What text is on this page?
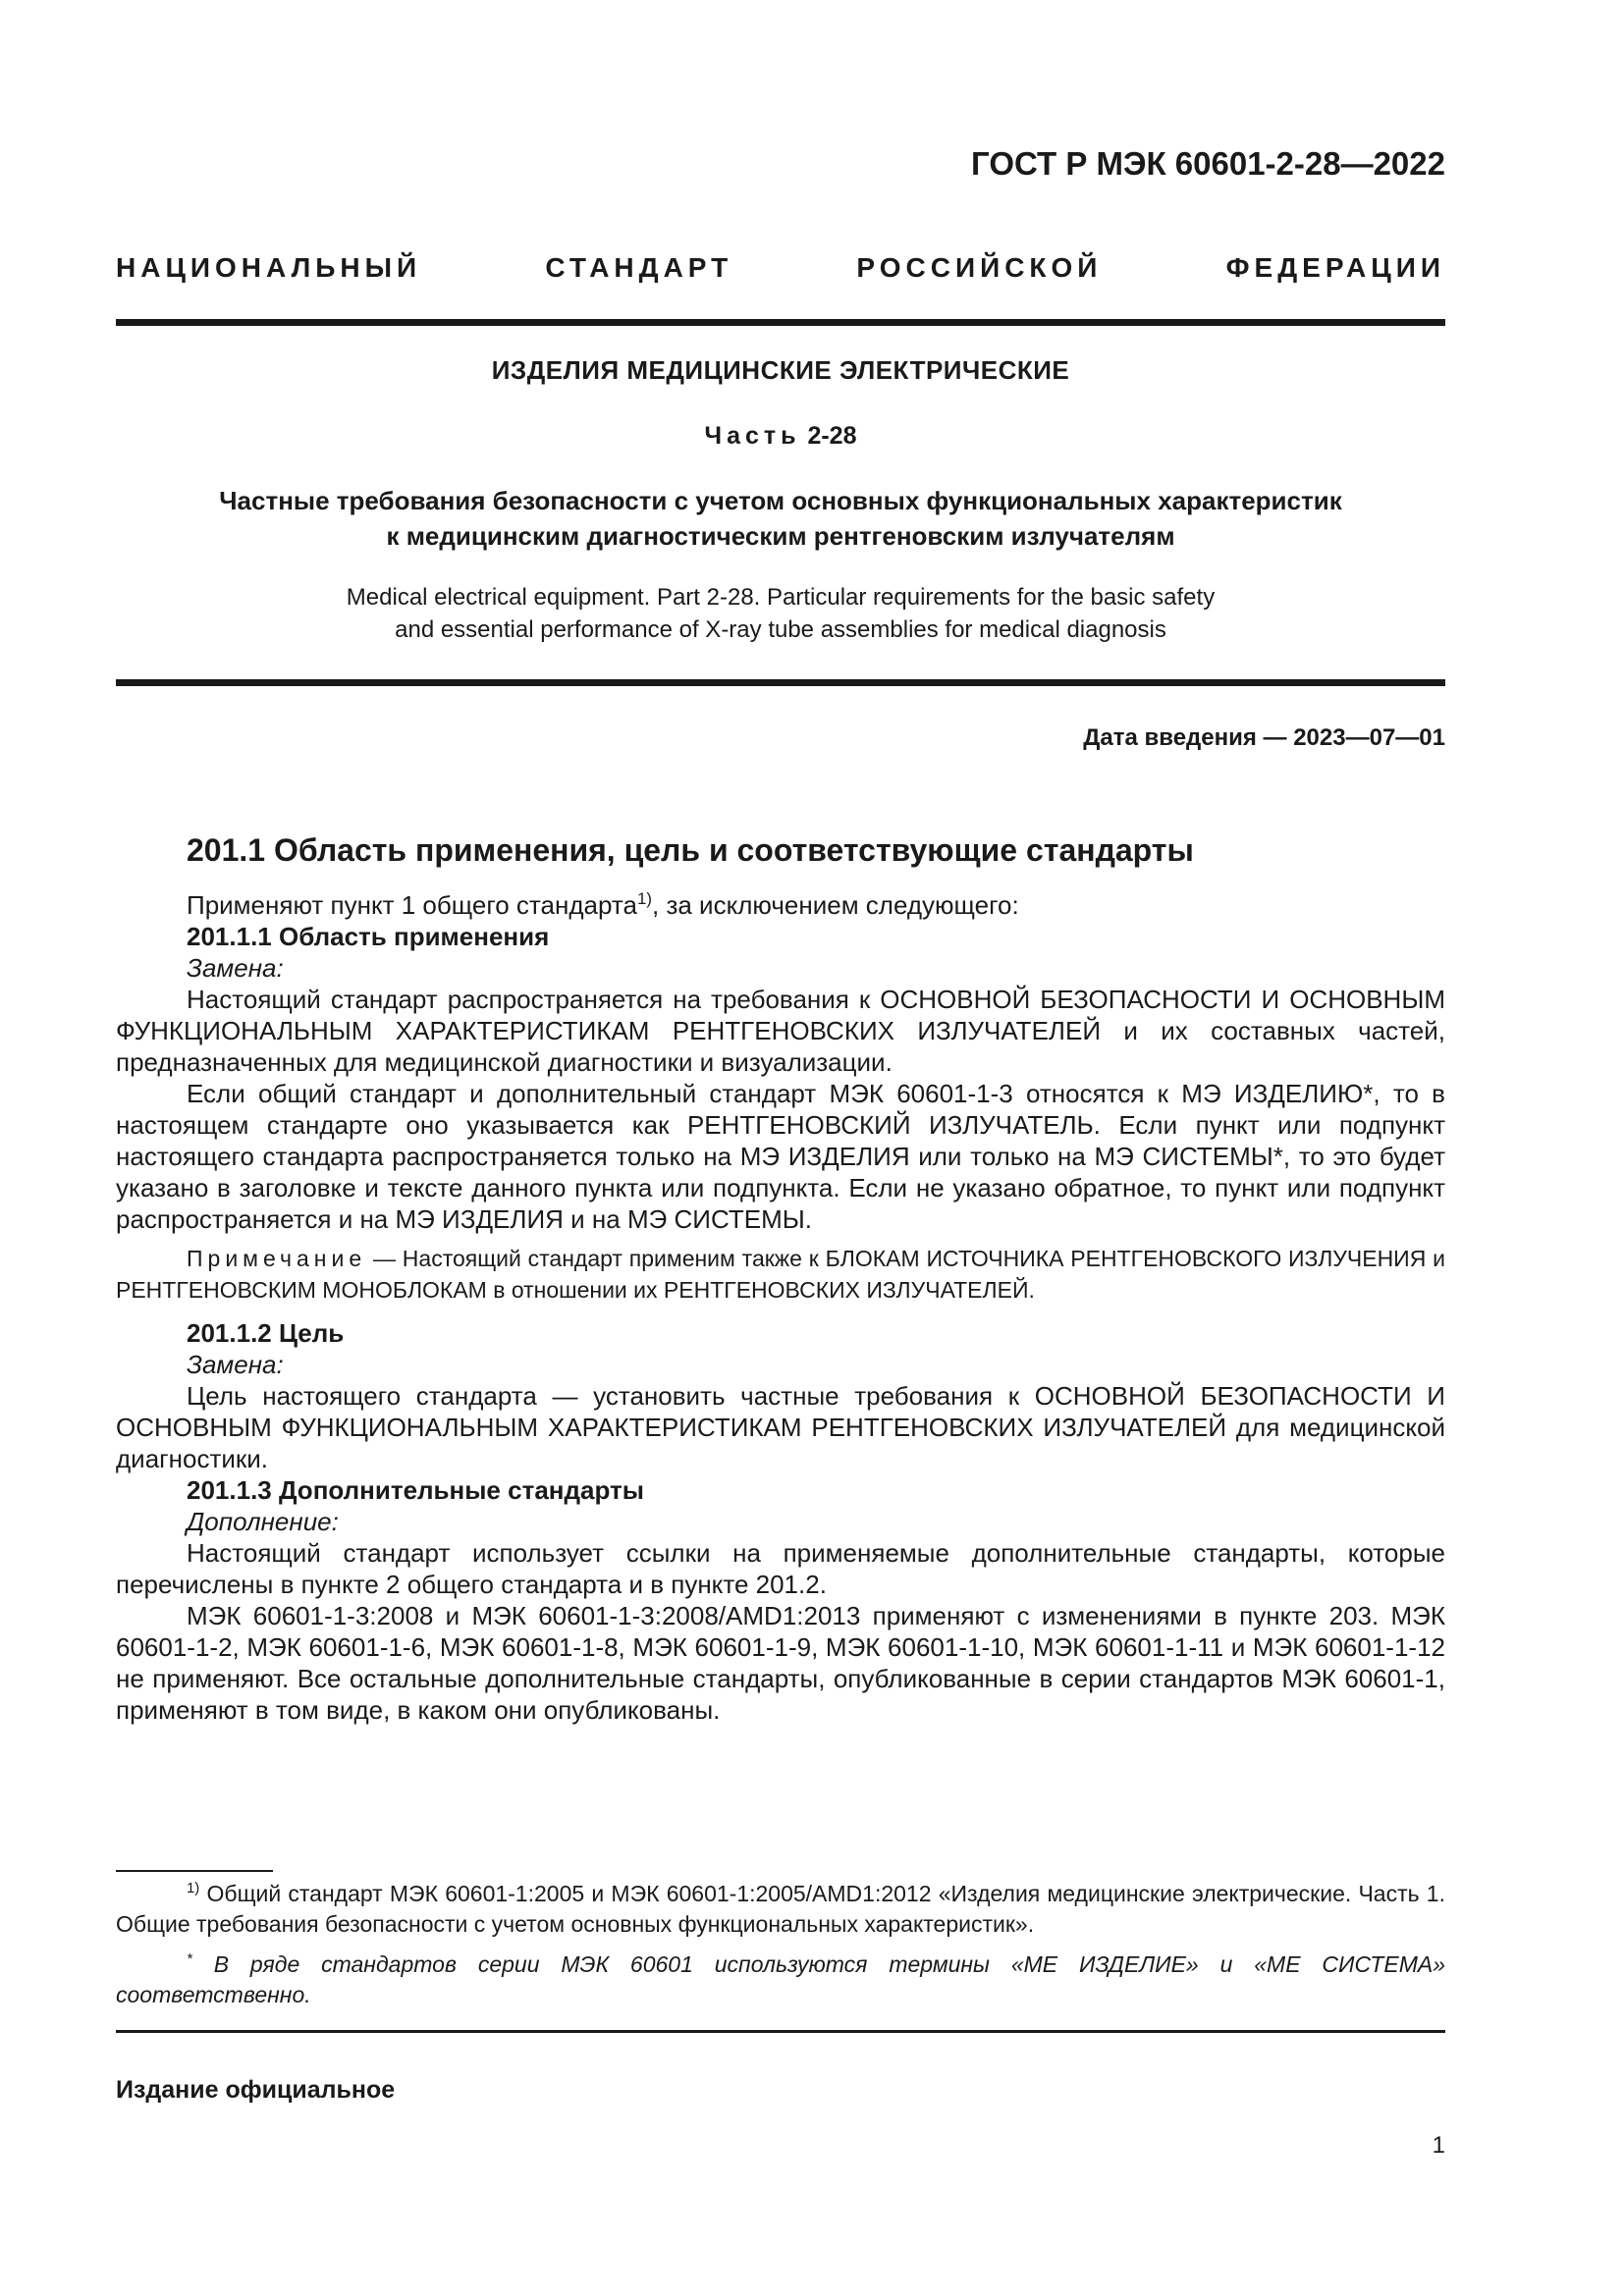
ГОСТ Р МЭК 60601-2-28—2022
НАЦИОНАЛЬНЫЙ	СТАНДАРТ	РОССИЙСКОЙ	ФЕДЕРАЦИИ
ИЗДЕЛИЯ МЕДИЦИНСКИЕ ЭЛЕКТРИЧЕСКИЕ
Часть 2-28
Частные требования безопасности с учетом основных функциональных характеристик
к медицинским диагностическим рентгеновским излучателям
Medical electrical equipment. Part 2-28. Particular requirements for the basic safety
and essential performance of X-ray tube assemblies for medical diagnosis
Дата введения — 2023—07—01
201.1 Область применения, цель и соответствующие стандарты
Применяют пункт 1 общего стандарта$^{1)}$, за исключением следующего:
201.1.1 Область применения
Замена:
Настоящий стандарт распространяется на требования к ОСНОВНОЙ БЕЗОПАСНОСТИ И ОСНОВНЫМ ФУНКЦИОНАЛЬНЫМ ХАРАКТЕРИСТИКАМ РЕНТГЕНОВСКИХ ИЗЛУЧАТЕЛЕЙ и их составных частей, предназначенных для медицинской диагностики и визуализации.
Если общий стандарт и дополнительный стандарт МЭК 60601-1-3 относятся к МЭ ИЗДЕЛИЮ*, то в настоящем стандарте оно указывается как РЕНТГЕНОВСКИЙ ИЗЛУЧАТЕЛЬ. Если пункт или подпункт настоящего стандарта распространяется только на МЭ ИЗДЕЛИЯ или только на МЭ СИСТЕМЫ*, то это будет указано в заголовке и тексте данного пункта или подпункта. Если не указано обратное, то пункт или подпункт распространяется и на МЭ ИЗДЕЛИЯ и на МЭ СИСТЕМЫ.
Примечание — Настоящий стандарт применим также к БЛОКАМ ИСТОЧНИКА РЕНТГЕНОВСКОГО ИЗЛУЧЕНИЯ и РЕНТГЕНОВСКИМ МОНОБЛОКАМ в отношении их РЕНТГЕНОВСКИХ ИЗЛУЧАТЕЛЕЙ.
201.1.2 Цель
Замена:
Цель настоящего стандарта — установить частные требования к ОСНОВНОЙ БЕЗОПАСНОСТИ И ОСНОВНЫМ ФУНКЦИОНАЛЬНЫМ ХАРАКТЕРИСТИКАМ РЕНТГЕНОВСКИХ ИЗЛУЧАТЕЛЕЙ для медицинской диагностики.
201.1.3 Дополнительные стандарты
Дополнение:
Настоящий стандарт использует ссылки на применяемые дополнительные стандарты, которые перечислены в пункте 2 общего стандарта и в пункте 201.2.
МЭК 60601-1-3:2008 и МЭК 60601-1-3:2008/AMD1:2013 применяют с изменениями в пункте 203. МЭК 60601-1-2, МЭК 60601-1-6, МЭК 60601-1-8, МЭК 60601-1-9, МЭК 60601-1-10, МЭК 60601-1-11 и МЭК 60601-1-12 не применяют. Все остальные дополнительные стандарты, опубликованные в серии стандартов МЭК 60601-1, применяют в том виде, в каком они опубликованы.
$^{1)}$ Общий стандарт МЭК 60601-1:2005 и МЭК 60601-1:2005/AMD1:2012 «Изделия медицинские электрические. Часть 1. Общие требования безопасности с учетом основных функциональных характеристик».
* В ряде стандартов серии МЭК 60601 используются термины «МЕ ИЗДЕЛИЕ» и «МЕ СИСТЕМА» соответственно.
Издание официальное
1
